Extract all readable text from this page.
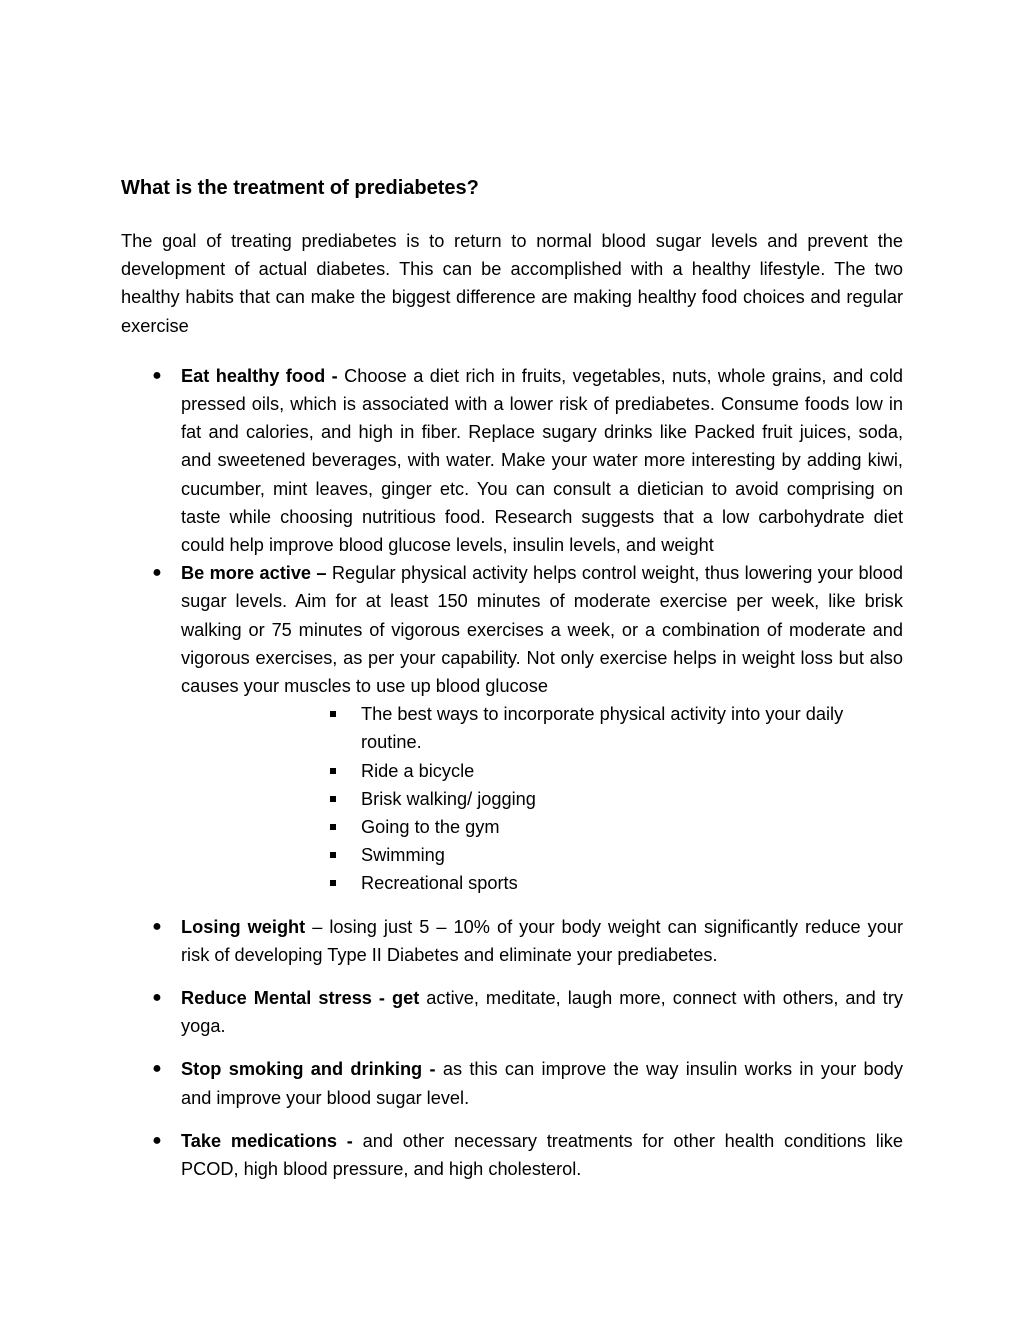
What is the treatment of prediabetes?

The goal of treating prediabetes is to return to normal blood sugar levels and prevent the development of actual diabetes. This can be accomplished with a healthy lifestyle. The two healthy habits that can make the biggest difference are making healthy food choices and regular exercise

● Eat healthy food - Choose a diet rich in fruits, vegetables, nuts, whole grains, and cold pressed oils, which is associated with a lower risk of prediabetes. Consume foods low in fat and calories, and high in fiber. Replace sugary drinks like Packed fruit juices, soda, and sweetened beverages, with water. Make your water more interesting by adding kiwi, cucumber, mint leaves, ginger etc. You can consult a dietician to avoid comprising on taste while choosing nutritious food. Research suggests that a low carbohydrate diet could help improve blood glucose levels, insulin levels, and weight
● Be more active – Regular physical activity helps control weight, thus lowering your blood sugar levels. Aim for at least 150 minutes of moderate exercise per week, like brisk walking or 75 minutes of vigorous exercises a week, or a combination of moderate and vigorous exercises, as per your capability. Not only exercise helps in weight loss but also causes your muscles to use up blood glucose
The best ways to incorporate physical activity into your daily routine.
Ride a bicycle
Brisk walking/ jogging
Going to the gym
Swimming
Recreational sports
● Losing weight – losing just 5 – 10% of your body weight can significantly reduce your risk of developing Type II Diabetes and eliminate your prediabetes.
● Reduce Mental stress - get active, meditate, laugh more, connect with others, and try yoga.
● Stop smoking and drinking - as this can improve the way insulin works in your body and improve your blood sugar level.
● Take medications - and other necessary treatments for other health conditions like PCOD, high blood pressure, and high cholesterol.
